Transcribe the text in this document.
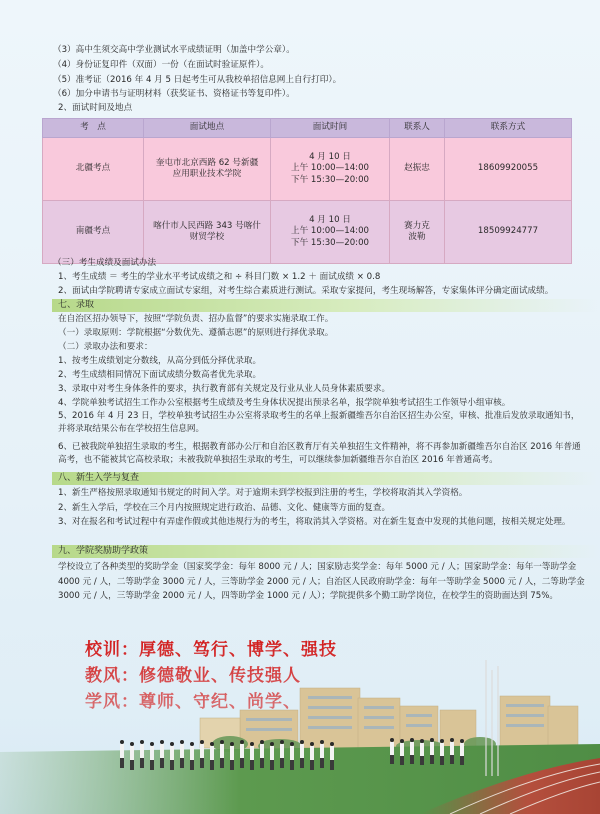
（3）高中生须交高中学业测试水平成绩证明（加盖中学公章）。
（4）身份证复印件（双面）一份（在面试时验证原件）。
（5）准考证（2016 年 4 月 5 日起考生可从我校单招信息网上自行打印）。
（6）加分申请书与证明材料（获奖证书、资格证书等复印件）。
2、面试时间及地点
考　点	面试地点	面试时间	联系人	联系方式
北疆考点	奎屯市北京西路 62 号新疆应用职业技术学院	4 月 10 日
上午 10:00—14:00
下午 15:30—20:00	赵振忠	18609920055
南疆考点	喀什市人民西路 343 号喀什财贸学校	4 月 10 日
上午 10:00—14:00
下午 15:30—20:00	赛力克 波勒	18509924777
（三）考生成绩及面试办法
1、考生成绩 ＝ 考生的学业水平考试成绩之和 ÷ 科目门数 × 1.2 ＋ 面试成绩 × 0.8
2、面试由学院聘请专家成立面试专家组，对考生综合素质进行测试。采取专家提问，考生现场解答，专家集体评分确定面试成绩。
七、录取
在自治区招办领导下，按照“学院负责、招办监督”的要求实施录取工作。
（一）录取原则：学院根据“分数优先、遵循志愿”的原则进行择优录取。
（二）录取办法和要求：
1、按考生成绩划定分数线，从高分到低分择优录取。
2、考生成绩相同情况下面试成绩分数高者优先录取。
3、录取中对考生身体条件的要求，执行教育部有关规定及行业从业人员身体素质要求。
4、学院单独考试招生工作办公室根据考生成绩及考生身体状况提出预录名单，报学院单独考试招生工作领导小组审核。
5、2016 年 4 月 23 日，学校单独考试招生办公室将录取考生的名单上报新疆维吾尔自治区招生办公室，审核、批准后发放录取通知书，并将录取结果公布在学校招生信息网。
6、已被我院单独招生录取的考生，根据教育部办公厅和自治区教育厅有关单独招生文件精神，将不再参加新疆维吾尔自治区 2016 年普通高考，也不能被其它高校录取；未被我院单独招生录取的考生，可以继续参加新疆维吾尔自治区 2016 年普通高考。
八、新生入学与复查
1、新生严格按照录取通知书规定的时间入学。对于逾期未到学校报到注册的考生，学校将取消其入学资格。
2、新生入学后，学校在三个月内按照规定进行政治、品德、文化、健康等方面的复查。
3、对在报名和考试过程中有弄虚作假或其他违规行为的考生，将取消其入学资格。对在新生复查中发现的其他问题，按相关规定处理。
九、学院奖励助学政策
学校设立了各种类型的奖助学金（国家奖学金：每年 8000 元 / 人；国家励志奖学金：每年 5000 元 / 人；国家助学金：每年一等助学金 4000 元 / 人，二等助学金 3000 元 / 人，三等助学金 2000 元 / 人；自治区人民政府助学金：每年一等助学金 5000 元 / 人，二等助学金 3000 元 / 人，三等助学金 2000 元 / 人，四等助学金 1000 元 / 人）；学院提供多个勤工助学岗位，在校学生的资助面达到 75%。
